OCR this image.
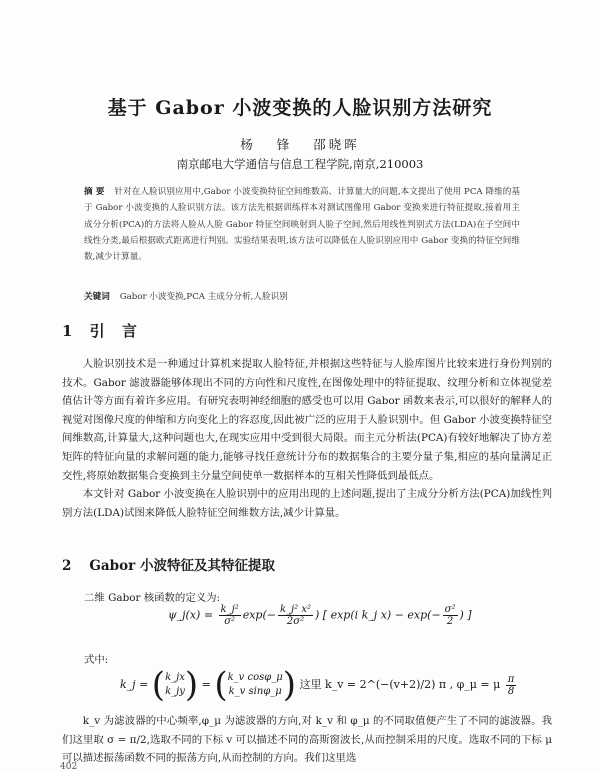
基于 Gabor 小波变换的人脸识别方法研究
杨 锋 邵晓晖
南京邮电大学通信与信息工程学院,南京,210003
摘 要 针对在人脸识别应用中,Gabor 小波变换特征空间维数高、计算量大的问题,本文提出了使用 PCA 降维的基于 Gabor 小波变换的人脸识别方法。该方法先根据训练样本对测试图像用 Gabor 变换来进行特征提取,接着用主成分分析(PCA)的方法将人脸从人脸 Gabor 特征空间映射到人脸子空间,然后用线性判别式方法(LDA)在子空间中线性分类,最后根据欧式距离进行判别。实验结果表明,该方法可以降低在人脸识别应用中 Gabor 变换的特征空间维数,减少计算量。
关键词 Gabor 小波变换,PCA 主成分分析,人脸识别
1 引 言

人脸识别技术是一种通过计算机来提取人脸特征,并根据这些特征与人脸库图片比较来进行身份判别的技术。Gabor 滤波器能够体现出不同的方向性和尺度性,在图像处理中的特征提取、纹理分析和立体视觉差值估计等方面有着许多应用。有研究表明神经细胞的感受也可以用 Gabor 函数来表示,可以很好的解释人的视觉对图像尺度的伸缩和方向变化上的容忍度,因此被广泛的应用于人脸识别中。但 Gabor 小波变换特征空间维数高,计算量大,这种问题也大,在现实应用中受到很大局限。而主元分析法(PCA)有较好地解决了协方差矩阵的特征向量的求解问题的能力,能够寻找任意统计分布的数据集合的主要分量子集,相应的基向量满足正交性,将原始数据集合变换到主分量空间使单一数据样本的互相关性降低到最低点。

本文针对 Gabor 小波变换在人脸识别中的应用出现的上述问题,提出了主成分分析方法(PCA)加线性判别方法(LDA)试图来降低人脸特征空间维数方法,减少计算量。

2 Gabor 小波特征及其特征提取
二维 Gabor 核函数的定义为:
ψ_j(x) = $\frac{\text{k\_j²}}{\text{σ²}} \exp(- \frac{\text{k\_j² x²}}{\text{2σ²}}$ ) [ exp(i k_j $x) - \exp(- \frac{\text{σ²}}{2}$ ) ]
式中:
k_j = (k_jx
k_jy) = (k_v cosφ_μ
k_v sinφ_μ) 这里 k_v = 2^(−(v+2)/2) π , φ_μ = μ $\frac{\pi}{8}$
k_v 为滤波器的中心频率,φ_μ 为滤波器的方向,对 k_v 和 φ_μ 的不同取值便产生了不同的滤波器。我们这里取 σ = π/2,选取不同的下标 v 可以描述不同的高斯窗波长,从而控制采用的尺度。选取不同的下标 μ 可以描述振荡函数不同的振荡方向,从而控制的方向。我们这里选
402
